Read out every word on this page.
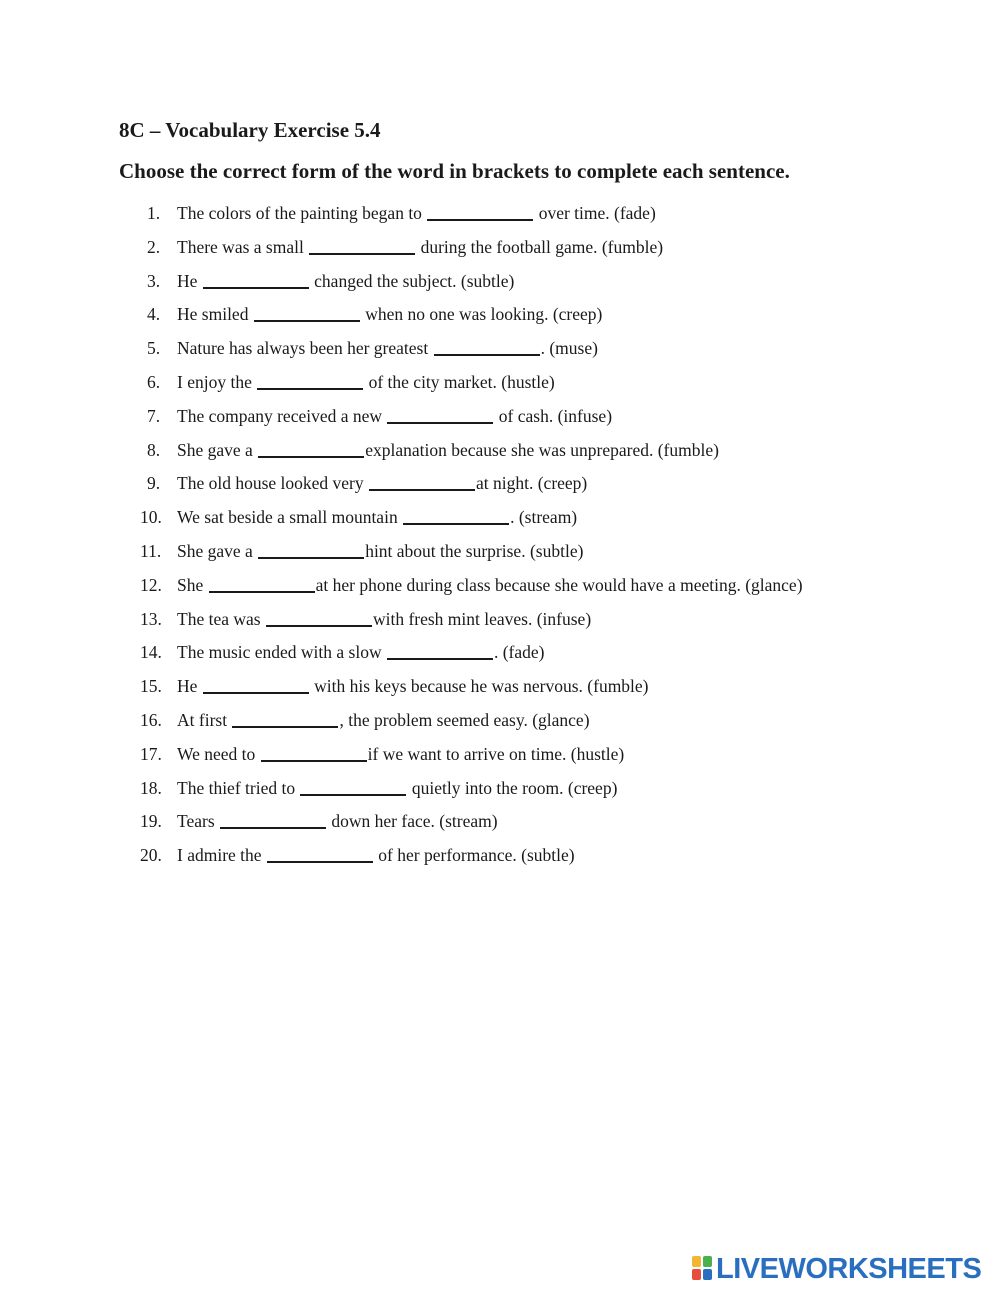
8C – Vocabulary Exercise 5.4
Choose the correct form of the word in brackets to complete each sentence.
1. The colors of the painting began to	over time. (fade)
2. There was a small	during the football game. (fumble)
3. He	changed the subject. (subtle)
4. He smiled	when no one was looking. (creep)
5. Nature has always been her greatest	. (muse)
6. I enjoy the	of the city market. (hustle)
7. The company received a new	of cash. (infuse)
8. She gave a	explanation because she was unprepared. (fumble)
9. The old house looked very	at night. (creep)
10. We sat beside a small mountain	. (stream)
11. She gave a	hint about the surprise. (subtle)
12. She	at her phone during class because she would have a meeting. (glance)
13. The tea was	with fresh mint leaves. (infuse)
14. The music ended with a slow	. (fade)
15. He	with his keys because he was nervous. (fumble)
16. At first	, the problem seemed easy. (glance)
17. We need to	if we want to arrive on time. (hustle)
18. The thief tried to	quietly into the room. (creep)
19. Tears	down her face. (stream)
20. I admire the	of her performance. (subtle)
LIVEWORKSHEETS
